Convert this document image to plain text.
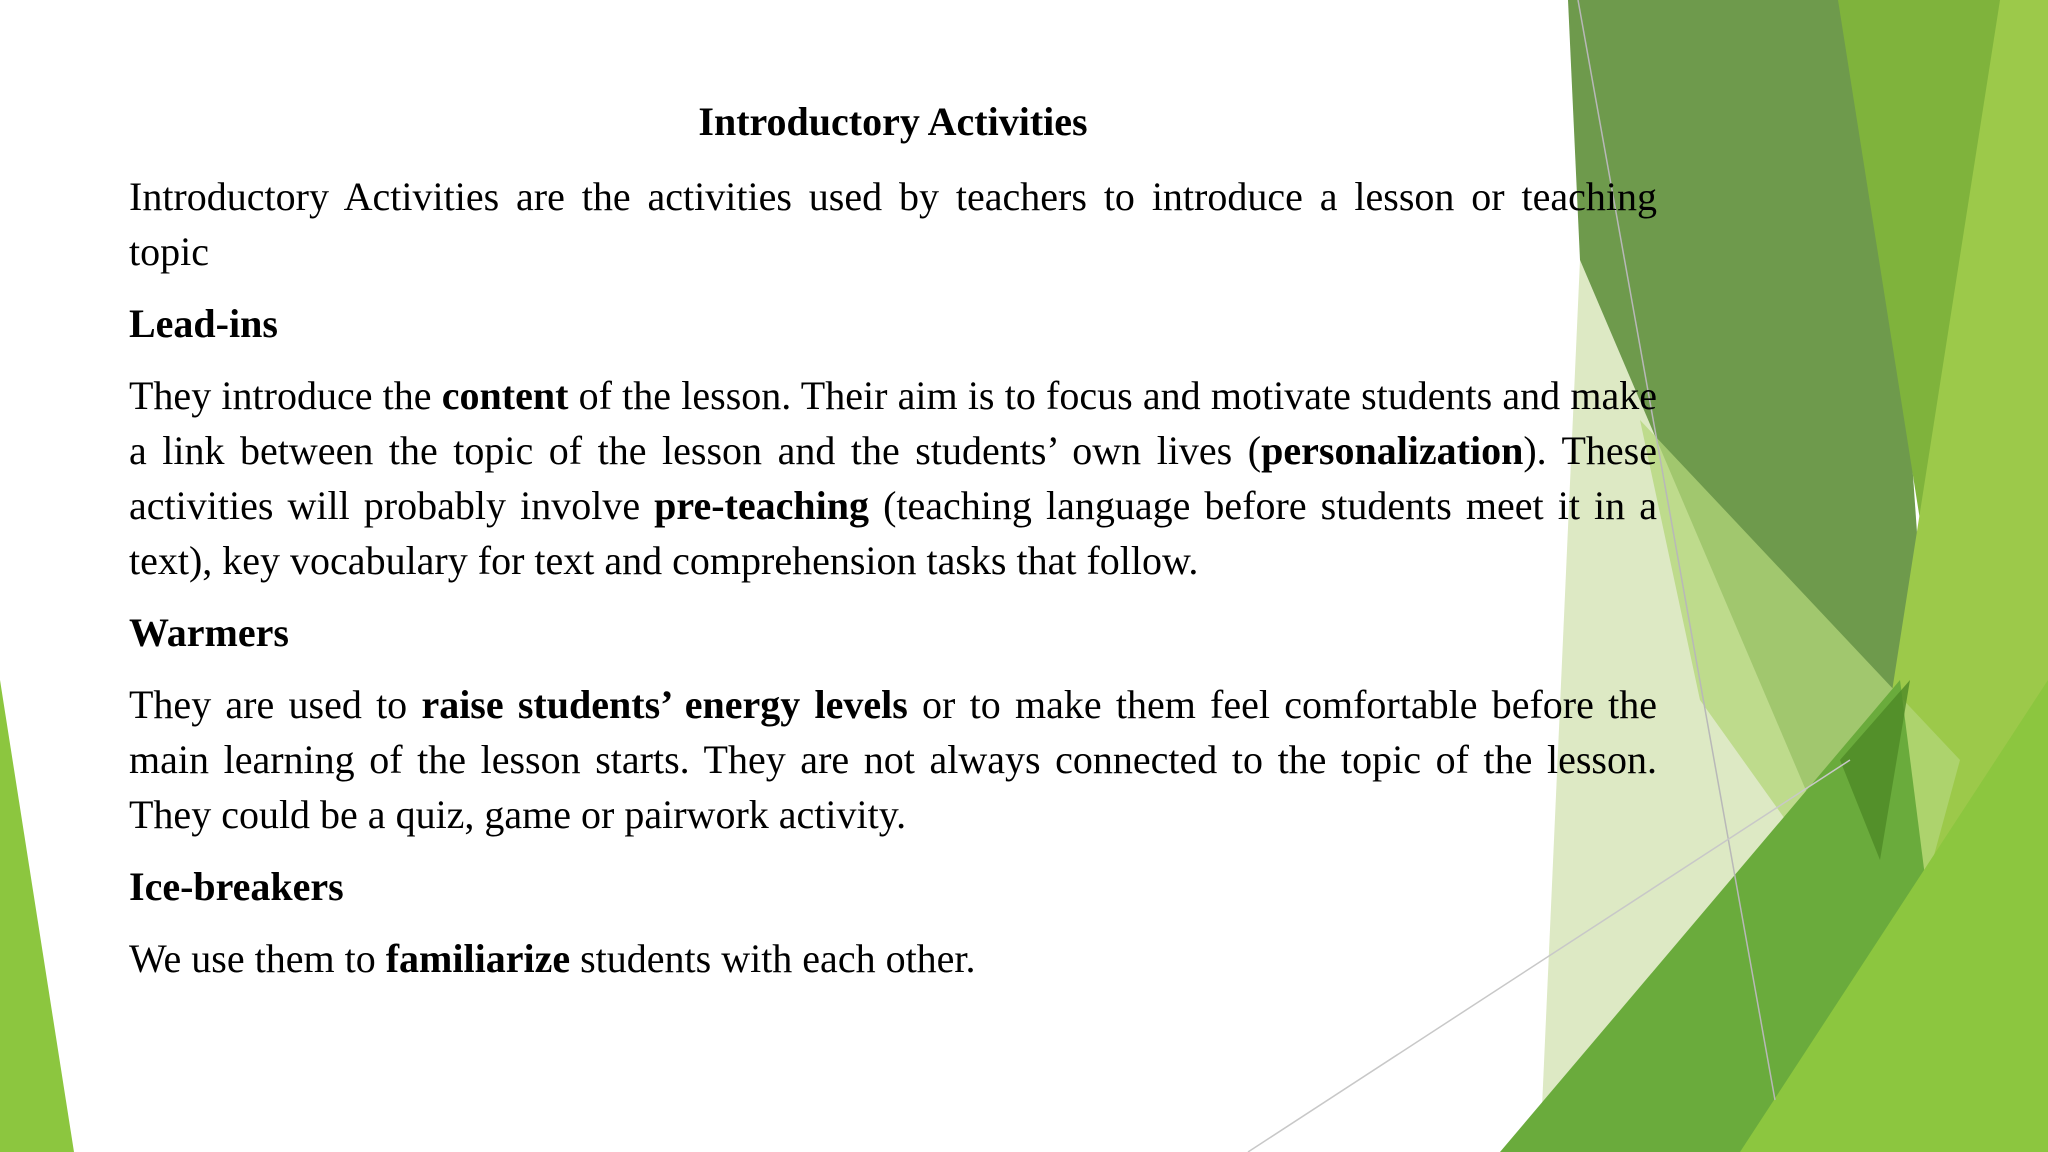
Introductory Activities
Introductory Activities are the activities used by teachers to introduce a lesson or teaching topic
Lead-ins
They introduce the content of the lesson. Their aim is to focus and motivate students and make a link between the topic of the lesson and the students’ own lives (personalization). These activities will probably involve pre-teaching (teaching language before students meet it in a text), key vocabulary for text and comprehension tasks that follow.
Warmers
They are used to raise students’ energy levels or to make them feel comfortable before the main learning of the lesson starts. They are not always connected to the topic of the lesson. They could be a quiz, game or pairwork activity.
Ice-breakers
We use them to familiarize students with each other.
